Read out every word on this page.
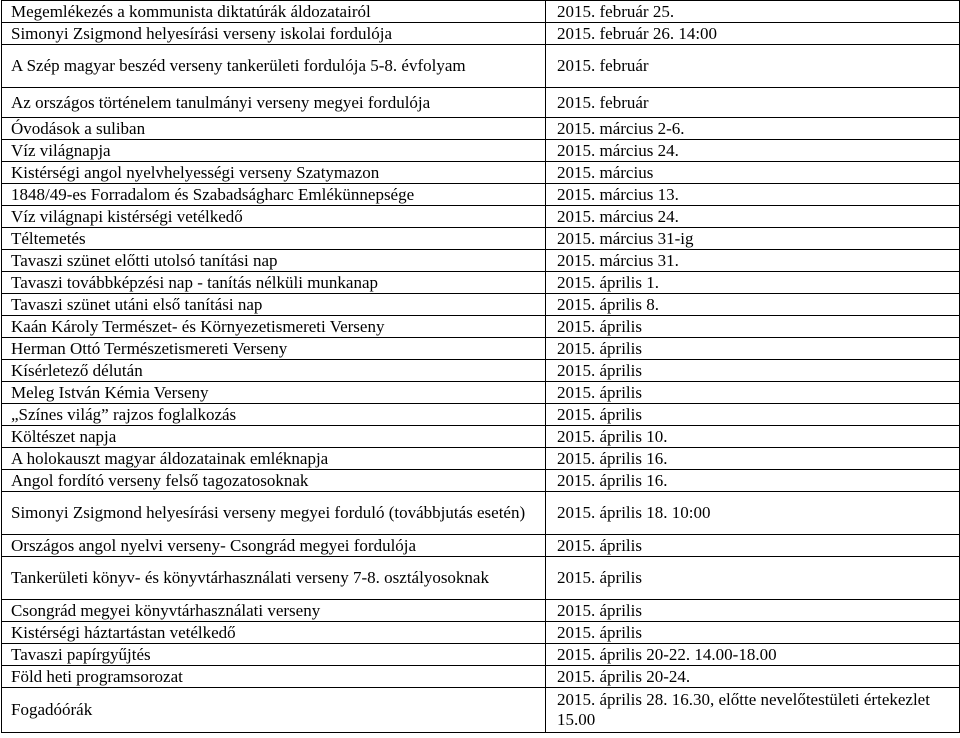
Megemlékezés a kommunista diktatúrák áldozatairól	2015. február 25.
Simonyi Zsigmond helyesírási verseny iskolai fordulója	2015. február 26. 14:00
A Szép magyar beszéd verseny tankerületi fordulója 5-8. évfolyam	2015. február
Az országos történelem tanulmányi verseny megyei fordulója	2015. február
Óvodások a suliban	2015. március 2-6.
Víz világnapja	2015. március 24.
Kistérségi angol nyelvhelyességi verseny Szatymazon	2015. március
1848/49-es Forradalom és Szabadságharc Emlékünnepsége	2015. március 13.
Víz világnapi kistérségi vetélkedő	2015. március 24.
Téltemetés	2015. március 31-ig
Tavaszi szünet előtti utolsó tanítási nap	2015. március 31.
Tavaszi továbbképzési nap - tanítás nélküli munkanap	2015. április 1.
Tavaszi szünet utáni első tanítási nap	2015. április 8.
Kaán Károly Természet- és Környezetismereti Verseny	2015. április
Herman Ottó Természetismereti Verseny	2015. április
Kísérletező délután	2015. április
Meleg István Kémia Verseny	2015. április
„Színes világ” rajzos foglalkozás	2015. április
Költészet napja	2015. április 10.
A holokauszt magyar áldozatainak emléknapja	2015. április 16.
Angol fordító verseny felső tagozatosoknak	2015. április 16.
Simonyi Zsigmond helyesírási verseny megyei forduló (továbbjutás esetén)	2015. április 18. 10:00
Országos angol nyelvi verseny- Csongrád megyei fordulója	2015. április
Tankerületi könyv- és könyvtárhasználati verseny 7-8. osztályosoknak	2015. április
Csongrád megyei könyvtárhasználati verseny	2015. április
Kistérségi háztartástan vetélkedő	2015. április
Tavaszi papírgyűjtés	2015. április 20-22. 14.00-18.00
Föld heti programsorozat	2015. április 20-24.
Fogadóórák	2015. április 28. 16.30, előtte nevelőtestületi értekezlet 15.00
